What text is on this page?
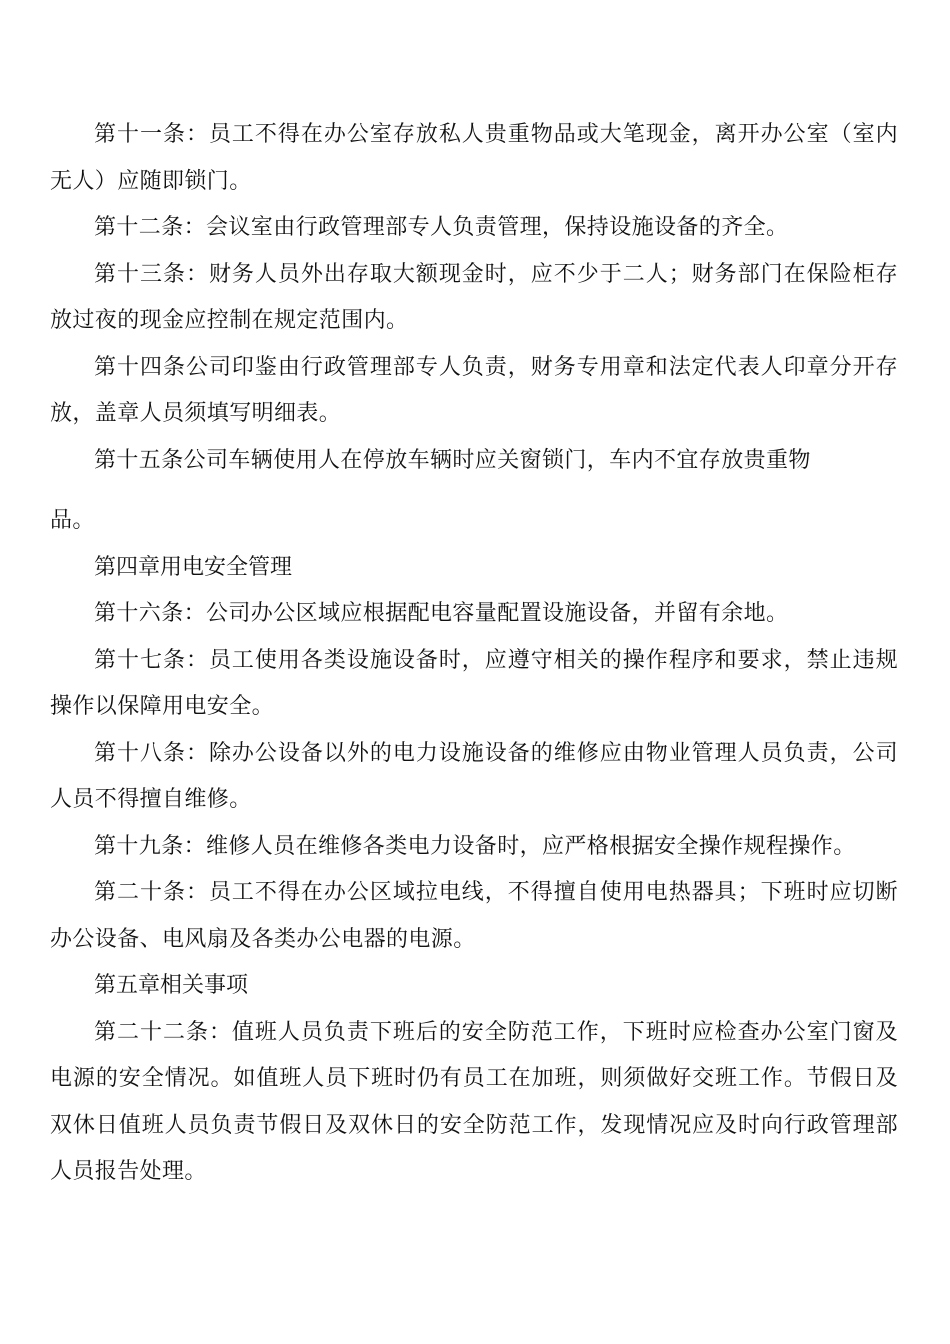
第十一条：员工不得在办公室存放私人贵重物品或大笔现金，离开办公室（室内无人）应随即锁门。

第十二条：会议室由行政管理部专人负责管理，保持设施设备的齐全。

第十三条：财务人员外出存取大额现金时，应不少于二人；财务部门在保险柜存放过夜的现金应控制在规定范围内。

第十四条公司印鉴由行政管理部专人负责，财务专用章和法定代表人印章分开存放，盖章人员须填写明细表。

第十五条公司车辆使用人在停放车辆时应关窗锁门，车内不宜存放贵重物

品。

第四章用电安全管理

第十六条：公司办公区域应根据配电容量配置设施设备，并留有余地。

第十七条：员工使用各类设施设备时，应遵守相关的操作程序和要求，禁止违规操作以保障用电安全。

第十八条：除办公设备以外的电力设施设备的维修应由物业管理人员负责，公司人员不得擅自维修。

第十九条：维修人员在维修各类电力设备时，应严格根据安全操作规程操作。

第二十条：员工不得在办公区域拉电线，不得擅自使用电热器具；下班时应切断办公设备、电风扇及各类办公电器的电源。

第五章相关事项

第二十二条：值班人员负责下班后的安全防范工作，下班时应检查办公室门窗及电源的安全情况。如值班人员下班时仍有员工在加班，则须做好交班工作。节假日及双休日值班人员负责节假日及双休日的安全防范工作，发现情况应及时向行政管理部人员报告处理。
